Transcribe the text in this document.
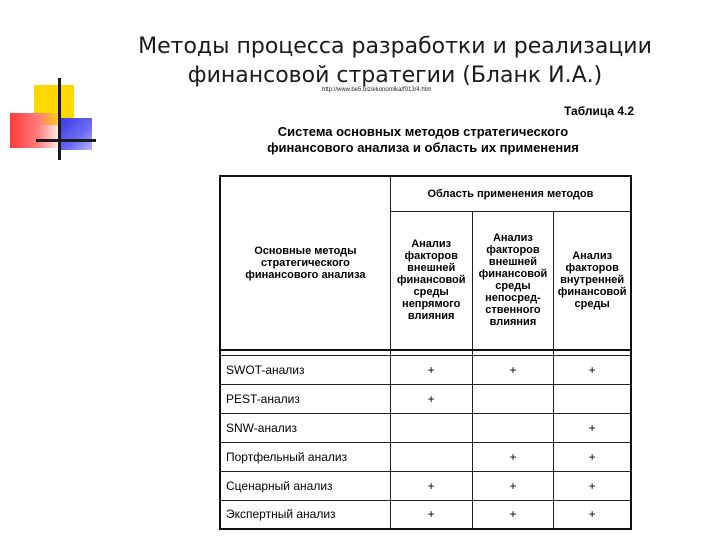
Методы процесса разработки и реализации
финансовой стратегии (Бланк И.А.)
http://www.be5.biz/ekonomika/f013/4.htm
Таблица 4.2
Система основных методов стратегического
финансового анализа и область их применения
Основные методы стратегического финансового анализа	Область применения методов		
	Анализ факторов внешней финансовой среды непрямого влияния	Анализ факторов внешней финансовой среды непосред-ственного влияния	Анализ факторов внутренней финансовой среды

SWOT-анализ	+	+	+
PEST-анализ	+		
SNW-анализ			+
Портфельный анализ		+	+
Сценарный анализ	+	+	+
Экспертный анализ	+	+	+
